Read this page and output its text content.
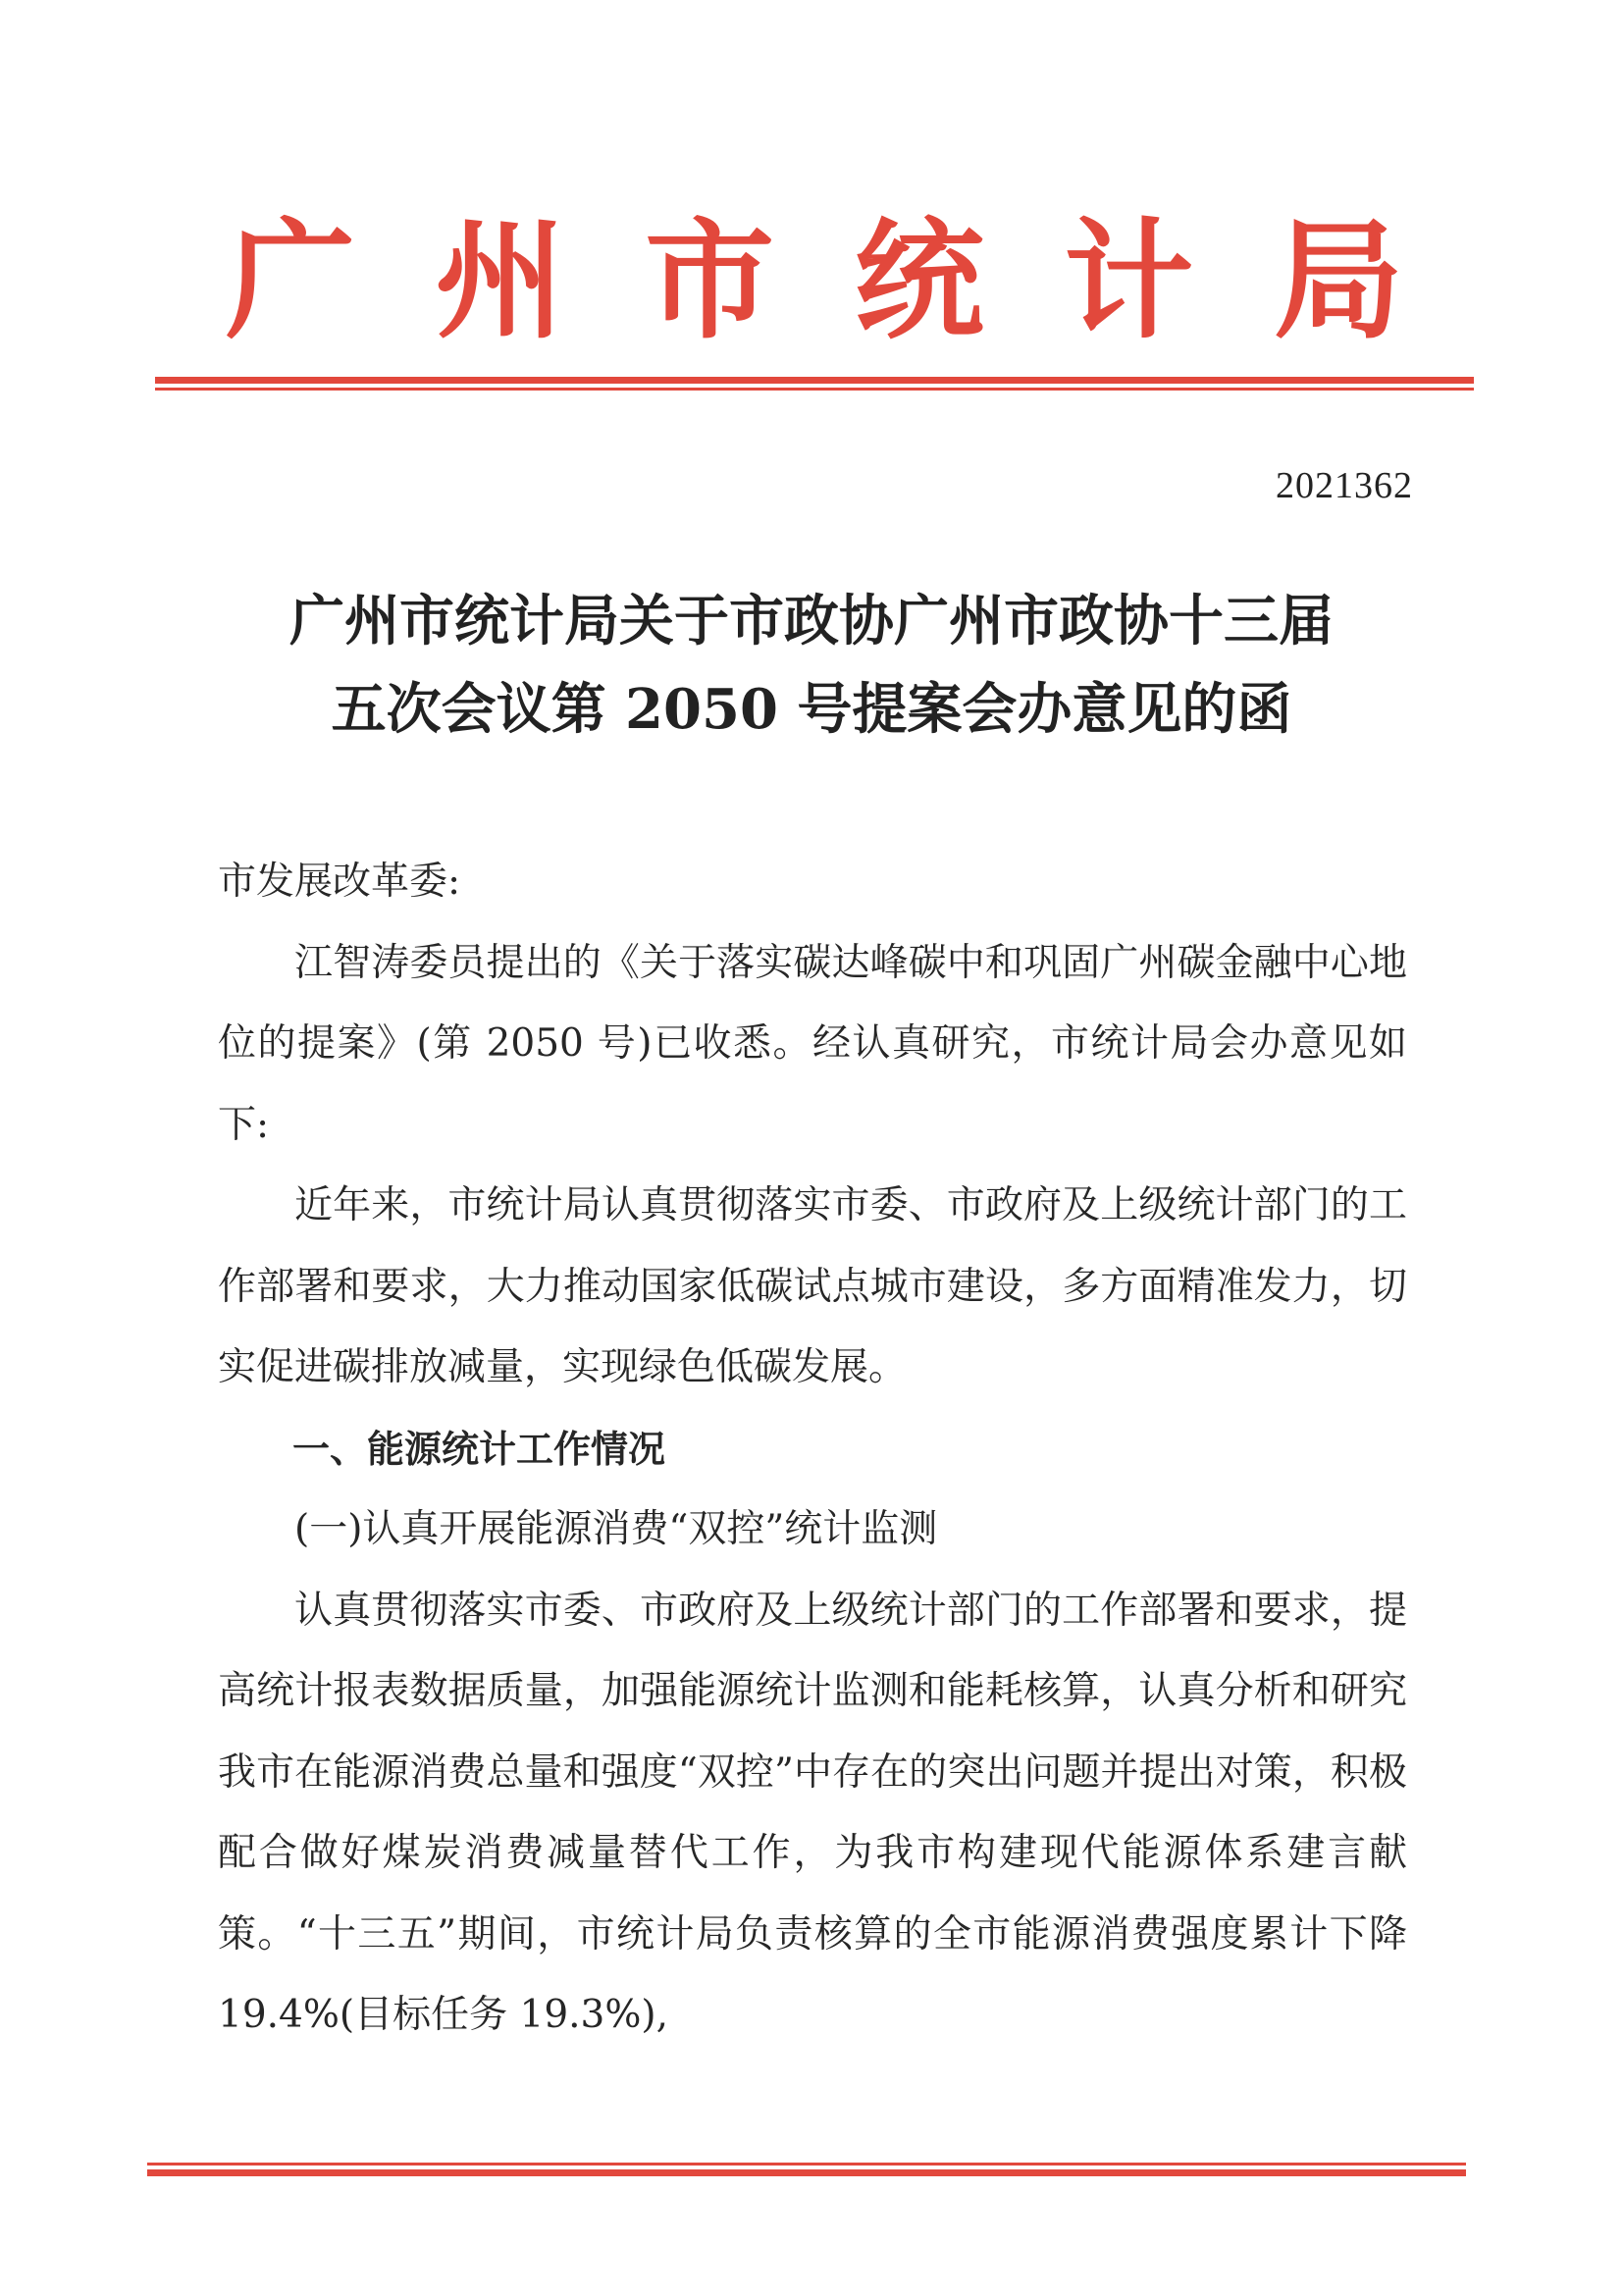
广 州 市 统 计 局
2021362
广州市统计局关于市政协广州市政协十三届
五次会议第 2050 号提案会办意见的函

市发展改革委:

江智涛委员提出的《关于落实碳达峰碳中和巩固广州碳金融中心地位的提案》(第 2050 号)已收悉。经认真研究，市统计局会办意见如下:

近年来，市统计局认真贯彻落实市委、市政府及上级统计部门的工作部署和要求，大力推动国家低碳试点城市建设，多方面精准发力，切实促进碳排放减量，实现绿色低碳发展。

一、能源统计工作情况

(一)认真开展能源消费“双控”统计监测

认真贯彻落实市委、市政府及上级统计部门的工作部署和要求，提高统计报表数据质量，加强能源统计监测和能耗核算，认真分析和研究我市在能源消费总量和强度“双控”中存在的突出问题并提出对策，积极配合做好煤炭消费减量替代工作，为我市构建现代能源体系建言献策。“十三五”期间，市统计局负责核算的全市能源消费强度累计下降 19.4%(目标任务 19.3%),
